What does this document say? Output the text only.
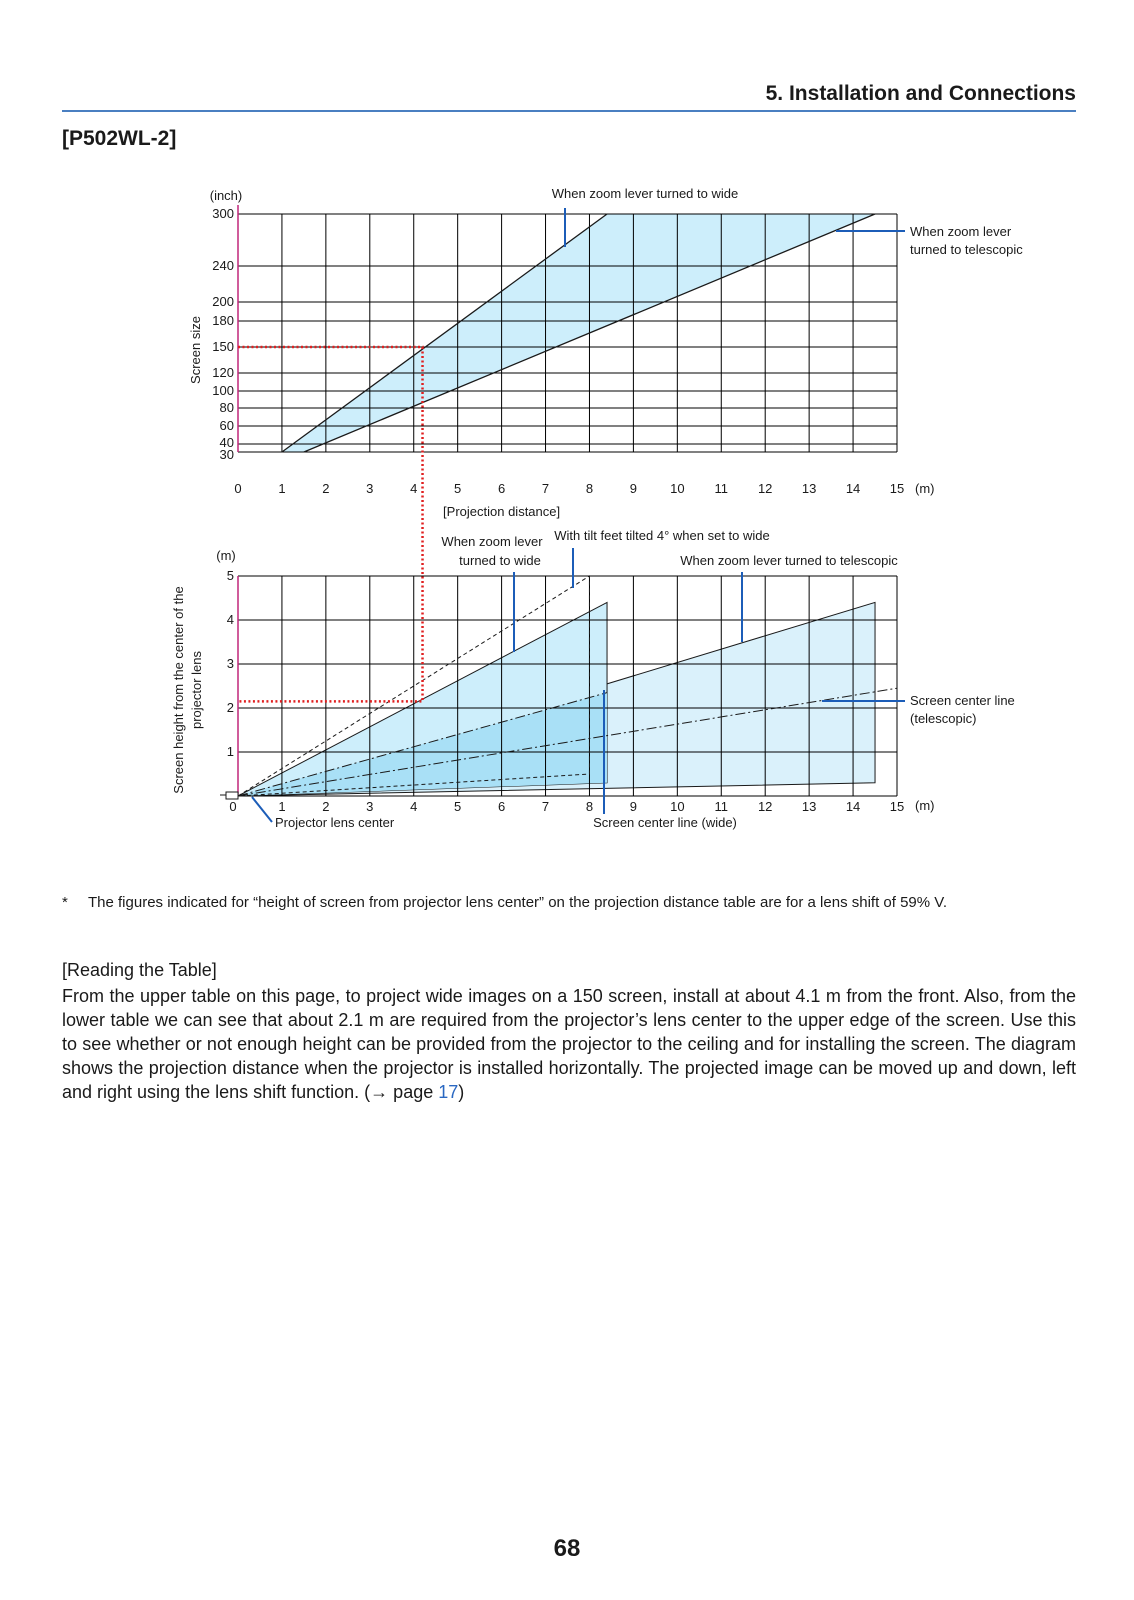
5. Installation and Connections
[P502WL-2]
300
240
200
180
150
120
100
80
60
40
30
0	1	2	3	4	5	6	7	8	9	10 11 12 13 14 15 (m)
(inch)
Screen size
[Projection distance]
When zoom lever turned to wide
When zoom lever
turned to telescopic
5
4
3
2
1
0	1	2	3	4	5	6	7	8	9	10 11 12 13 14 15 (m)
(m)
Screen height from the center of the projector lens
When zoom lever
turned to wide
With tilt feet tilted 4° when set to wide
When zoom lever turned to telescopic
Screen center line
(telescopic)
Projector lens center	Screen center line (wide)
* The figures indicated for “height of screen from projector lens center” on the projection distance table are for a lens shift of 59% V.
[Reading the Table]
From the upper table on this page, to project wide images on a 150 screen, install at about 4.1 m from the front. Also, from the lower table we can see that about 2.1 m are required from the projector’s lens center to the upper edge of the screen. Use this to see whether or not enough height can be provided from the projector to the ceiling and for installing the screen. The diagram shows the projection distance when the projector is installed horizontally. The projected image can be moved up and down, left and right using the lens shift function. (→ page 17)
68
